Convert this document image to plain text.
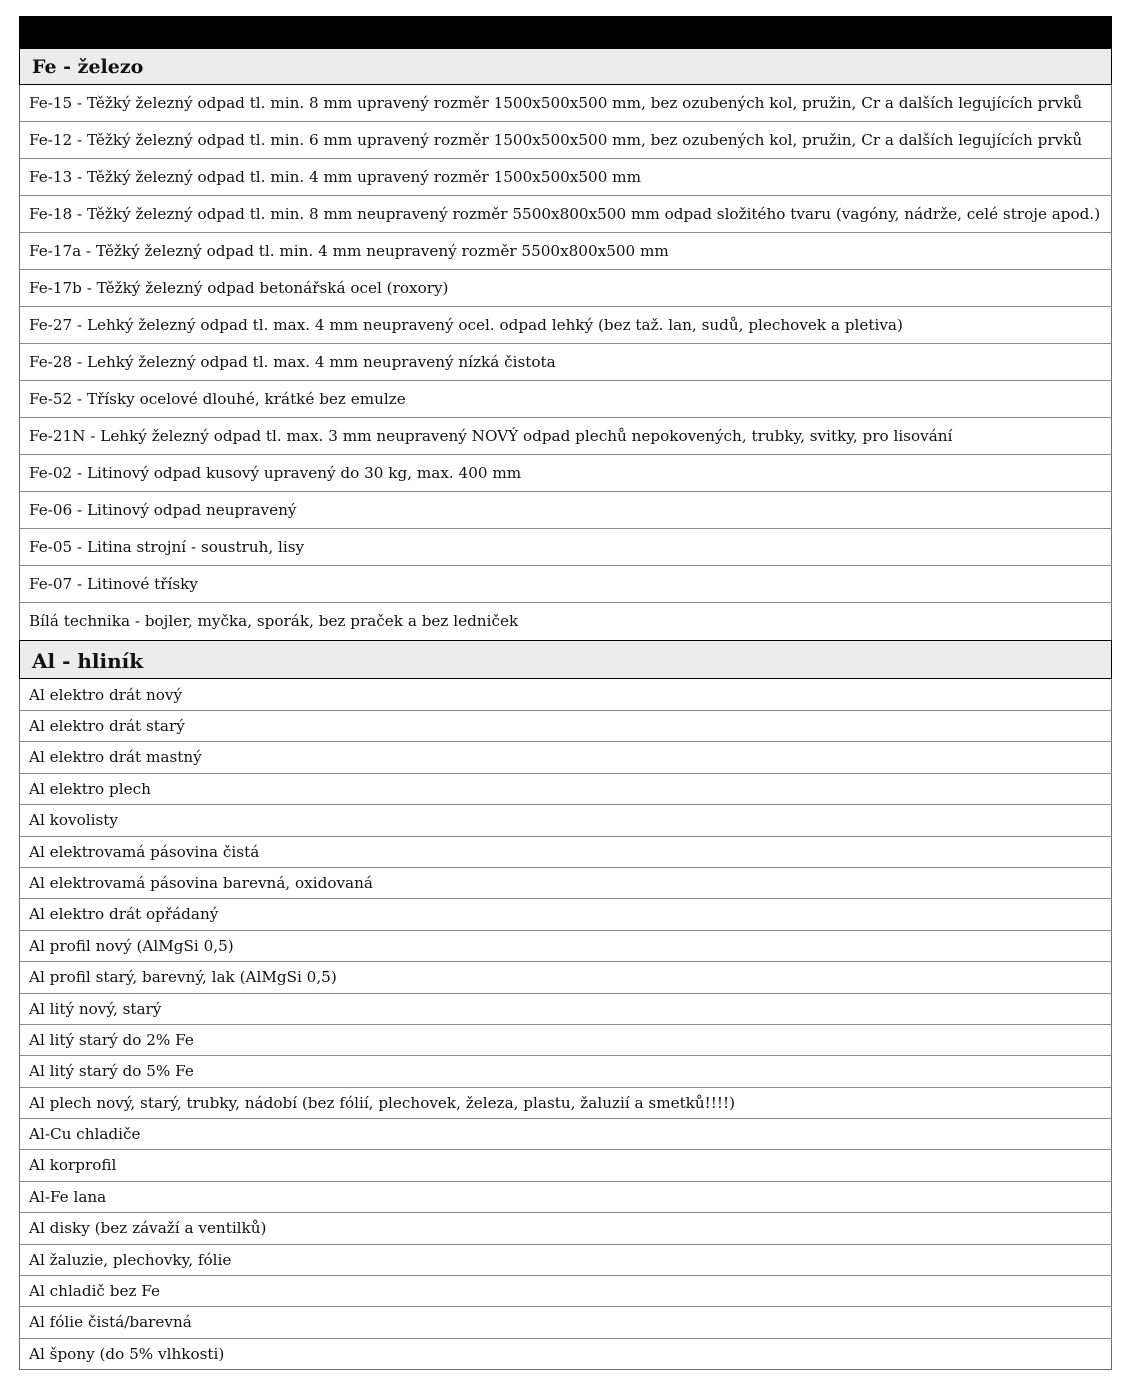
Fe - železo
Fe-15 - Těžký železný odpad tl. min. 8 mm upravený rozměr 1500x500x500 mm, bez ozubených kol, pružin, Cr a dalších legujících prvků
Fe-12 - Těžký železný odpad tl. min. 6 mm upravený rozměr 1500x500x500 mm, bez ozubených kol, pružin, Cr a dalších legujících prvků
Fe-13 - Těžký železný odpad tl. min. 4 mm upravený rozměr 1500x500x500 mm
Fe-18 - Těžký železný odpad tl. min. 8 mm neupravený rozměr 5500x800x500 mm odpad složitého tvaru (vagóny, nádrže, celé stroje apod.)
Fe-17a - Těžký železný odpad tl. min. 4 mm neupravený rozměr 5500x800x500 mm
Fe-17b - Těžký železný odpad betonářská ocel (roxory)
Fe-27 - Lehký železný odpad tl. max. 4 mm neupravený ocel. odpad lehký (bez taž. lan, sudů, plechovek a pletiva)
Fe-28 - Lehký železný odpad tl. max. 4 mm neupravený nízká čistota
Fe-52 - Třísky ocelové dlouhé, krátké bez emulze
Fe-21N - Lehký železný odpad tl. max. 3 mm neupravený NOVÝ odpad plechů nepokovených, trubky, svitky, pro lisování
Fe-02 - Litinový odpad kusový upravený do 30 kg, max. 400 mm
Fe-06 - Litinový odpad neupravený
Fe-05 - Litina strojní - soustruh, lisy
Fe-07 - Litinové třísky
Bílá technika - bojler, myčka, sporák, bez praček a bez ledniček
Al - hliník
Al elektro drát nový
Al elektro drát starý
Al elektro drát mastný
Al elektro plech
Al kovolisty
Al elektrovamá pásovina čistá
Al elektrovamá pásovina barevná, oxidovaná
Al elektro drát opřádaný
Al profil nový (AlMgSi 0,5)
Al profil starý, barevný, lak (AlMgSi 0,5)
Al litý nový, starý
Al litý starý do 2% Fe
Al litý starý do 5% Fe
Al plech nový, starý, trubky, nádobí (bez fólií, plechovek, železa, plastu, žaluzií a smetků!!!!)
Al-Cu chladiče
Al korprofil
Al-Fe lana
Al disky (bez závaží a ventilků)
Al žaluzie, plechovky, fólie
Al chladič bez Fe
Al fólie čistá/barevná
Al špony (do 5% vlhkosti)
